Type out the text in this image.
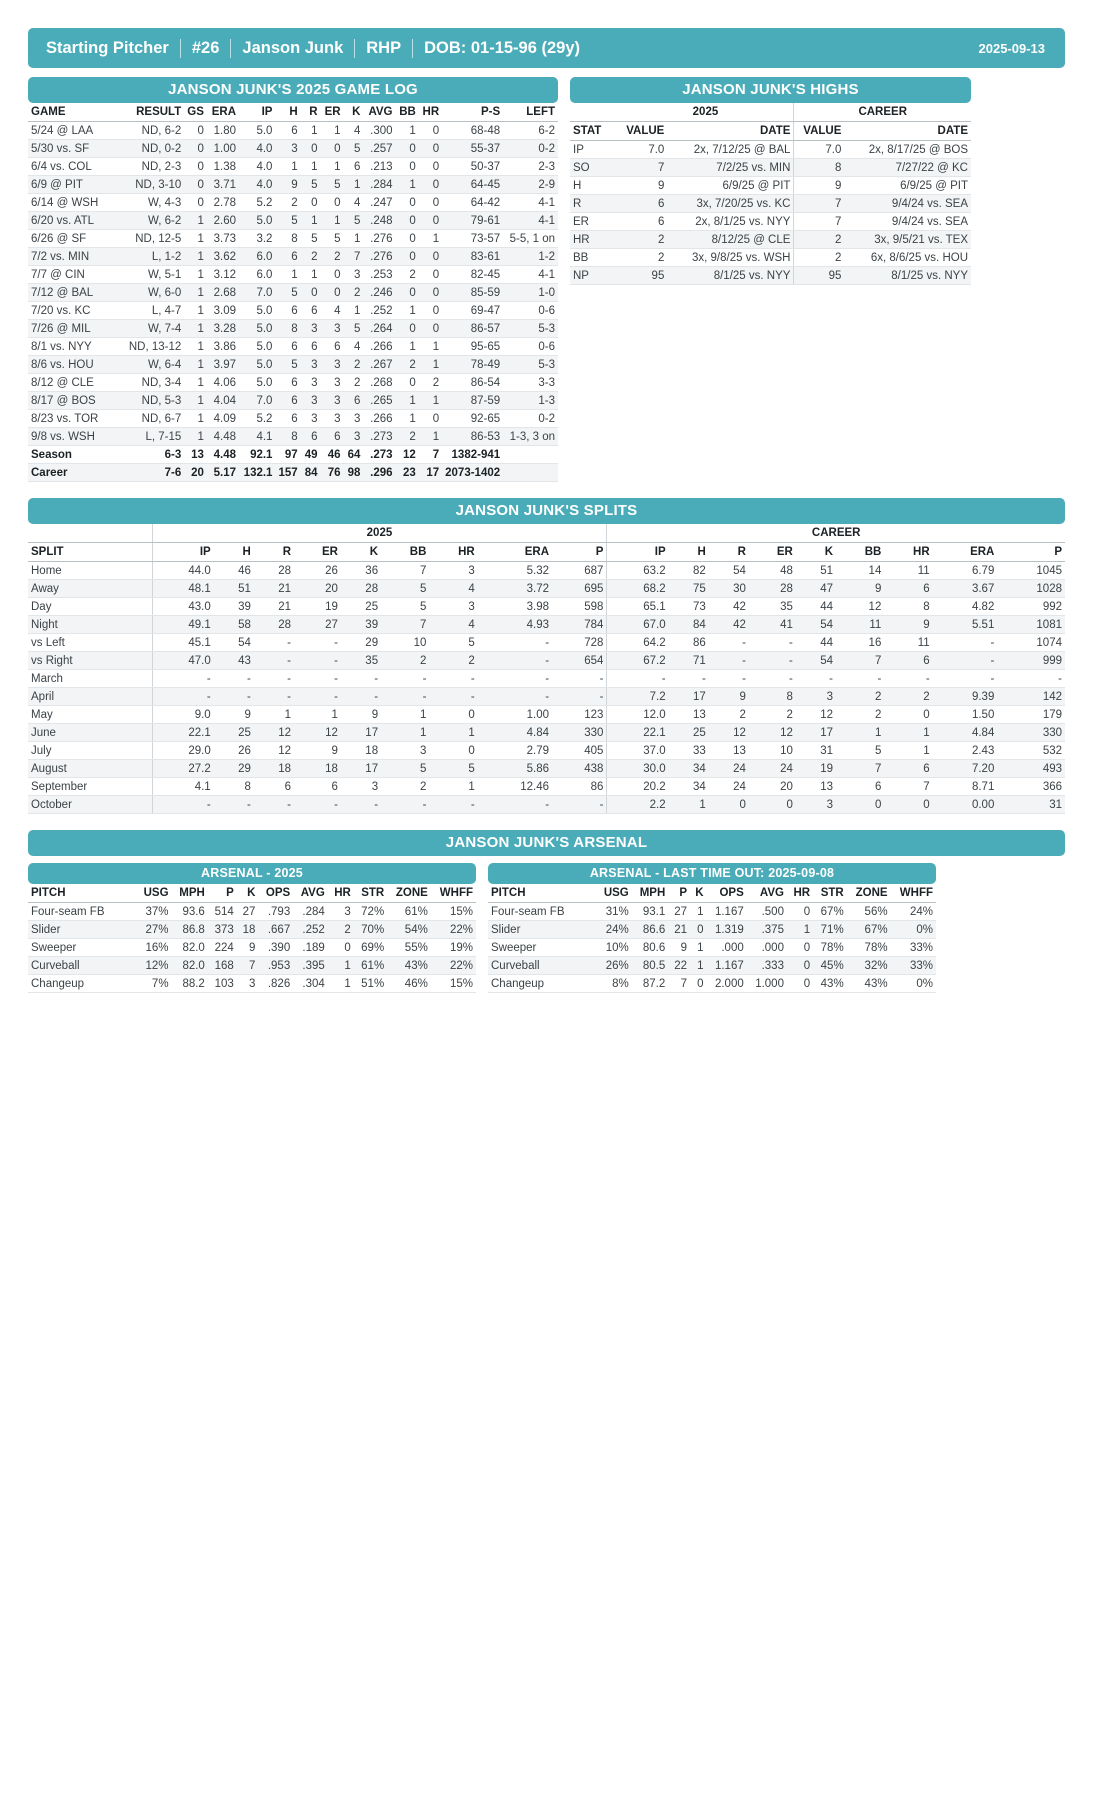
Starting Pitcher	#26	Janson Junk	RHP	DOB: 01-15-96 (29y)	2025-09-13
JANSON JUNK'S 2025 GAME LOG
GAME	RESULT	GS	ERA	IP	H	R	ER	K	AVG	BB	HR	P-S	LEFT
5/24 @ LAA	ND, 6-2	0	1.80	5.0	6	1	1	4	.300	1	0	68-48	6-2
5/30 vs. SF	ND, 0-2	0	1.00	4.0	3	0	0	5	.257	0	0	55-37	0-2
6/4 vs. COL	ND, 2-3	0	1.38	4.0	1	1	1	6	.213	0	0	50-37	2-3
6/9 @ PIT	ND, 3-10	0	3.71	4.0	9	5	5	1	.284	1	0	64-45	2-9
6/14 @ WSH	W, 4-3	0	2.78	5.2	2	0	0	4	.247	0	0	64-42	4-1
6/20 vs. ATL	W, 6-2	1	2.60	5.0	5	1	1	5	.248	0	0	79-61	4-1
6/26 @ SF	ND, 12-5	1	3.73	3.2	8	5	5	1	.276	0	1	73-57	5-5, 1 on
7/2 vs. MIN	L, 1-2	1	3.62	6.0	6	2	2	7	.276	0	0	83-61	1-2
7/7 @ CIN	W, 5-1	1	3.12	6.0	1	1	0	3	.253	2	0	82-45	4-1
7/12 @ BAL	W, 6-0	1	2.68	7.0	5	0	0	2	.246	0	0	85-59	1-0
7/20 vs. KC	L, 4-7	1	3.09	5.0	6	6	4	1	.252	1	0	69-47	0-6
7/26 @ MIL	W, 7-4	1	3.28	5.0	8	3	3	5	.264	0	0	86-57	5-3
8/1 vs. NYY	ND, 13-12	1	3.86	5.0	6	6	6	4	.266	1	1	95-65	0-6
8/6 vs. HOU	W, 6-4	1	3.97	5.0	5	3	3	2	.267	2	1	78-49	5-3
8/12 @ CLE	ND, 3-4	1	4.06	5.0	6	3	3	2	.268	0	2	86-54	3-3
8/17 @ BOS	ND, 5-3	1	4.04	7.0	6	3	3	6	.265	1	1	87-59	1-3
8/23 vs. TOR	ND, 6-7	1	4.09	5.2	6	3	3	3	.266	1	0	92-65	0-2
9/8 vs. WSH	L, 7-15	1	4.48	4.1	8	6	6	3	.273	2	1	86-53	1-3, 3 on
Season	6-3	13	4.48	92.1	97	49	46	64	.273	12	7	1382-941	
Career	7-6	20	5.17	132.1	157	84	76	98	.296	23	17	2073-1402	
JANSON JUNK'S HIGHS
	2025		CAREER	
STAT	VALUE	DATE	VALUE	DATE
IP	7.0	2x, 7/12/25 @ BAL	7.0	2x, 8/17/25 @ BOS
SO	7	7/2/25 vs. MIN	8	7/27/22 @ KC
H	9	6/9/25 @ PIT	9	6/9/25 @ PIT
R	6	3x, 7/20/25 vs. KC	7	9/4/24 vs. SEA
ER	6	2x, 8/1/25 vs. NYY	7	9/4/24 vs. SEA
HR	2	8/12/25 @ CLE	2	3x, 9/5/21 vs. TEX
BB	2	3x, 9/8/25 vs. WSH	2	6x, 8/6/25 vs. HOU
NP	95	8/1/25 vs. NYY	95	8/1/25 vs. NYY
JANSON JUNK'S SPLITS
	2025									CAREER								
SPLIT	IP	H	R	ER	K	BB	HR	ERA	P	IP	H	R	ER	K	BB	HR	ERA	P
Home	44.0	46	28	26	36	7	3	5.32	687	63.2	82	54	48	51	14	11	6.79	1045
Away	48.1	51	21	20	28	5	4	3.72	695	68.2	75	30	28	47	9	6	3.67	1028
Day	43.0	39	21	19	25	5	3	3.98	598	65.1	73	42	35	44	12	8	4.82	992
Night	49.1	58	28	27	39	7	4	4.93	784	67.0	84	42	41	54	11	9	5.51	1081
vs Left	45.1	54	-	-	29	10	5	-	728	64.2	86	-	-	44	16	11	-	1074
vs Right	47.0	43	-	-	35	2	2	-	654	67.2	71	-	-	54	7	6	-	999
March	-	-	-	-	-	-	-	-	-	-	-	-	-	-	-	-	-	-
April	-	-	-	-	-	-	-	-	-	7.2	17	9	8	3	2	2	9.39	142
May	9.0	9	1	1	9	1	0	1.00	123	12.0	13	2	2	12	2	0	1.50	179
June	22.1	25	12	12	17	1	1	4.84	330	22.1	25	12	12	17	1	1	4.84	330
July	29.0	26	12	9	18	3	0	2.79	405	37.0	33	13	10	31	5	1	2.43	532
August	27.2	29	18	18	17	5	5	5.86	438	30.0	34	24	24	19	7	6	7.20	493
September	4.1	8	6	6	3	2	1	12.46	86	20.2	34	24	20	13	6	7	8.71	366
October	-	-	-	-	-	-	-	-	-	2.2	1	0	0	3	0	0	0.00	31
JANSON JUNK'S ARSENAL
ARSENAL - 2025
PITCH	USG	MPH	P	K	OPS	AVG	HR	STR	ZONE	WHFF
Four-seam FB	37%	93.6	514	27	.793	.284	3	72%	61%	15%
Slider	27%	86.8	373	18	.667	.252	2	70%	54%	22%
Sweeper	16%	82.0	224	9	.390	.189	0	69%	55%	19%
Curveball	12%	82.0	168	7	.953	.395	1	61%	43%	22%
Changeup	7%	88.2	103	3	.826	.304	1	51%	46%	15%
ARSENAL - LAST TIME OUT: 2025-09-08
PITCH	USG	MPH	P	K	OPS	AVG	HR	STR	ZONE	WHFF
Four-seam FB	31%	93.1	27	1	1.167	.500	0	67%	56%	24%
Slider	24%	86.6	21	0	1.319	.375	1	71%	67%	0%
Sweeper	10%	80.6	9	1	.000	.000	0	78%	78%	33%
Curveball	26%	80.5	22	1	1.167	.333	0	45%	32%	33%
Changeup	8%	87.2	7	0	2.000	1.000	0	43%	43%	0%
